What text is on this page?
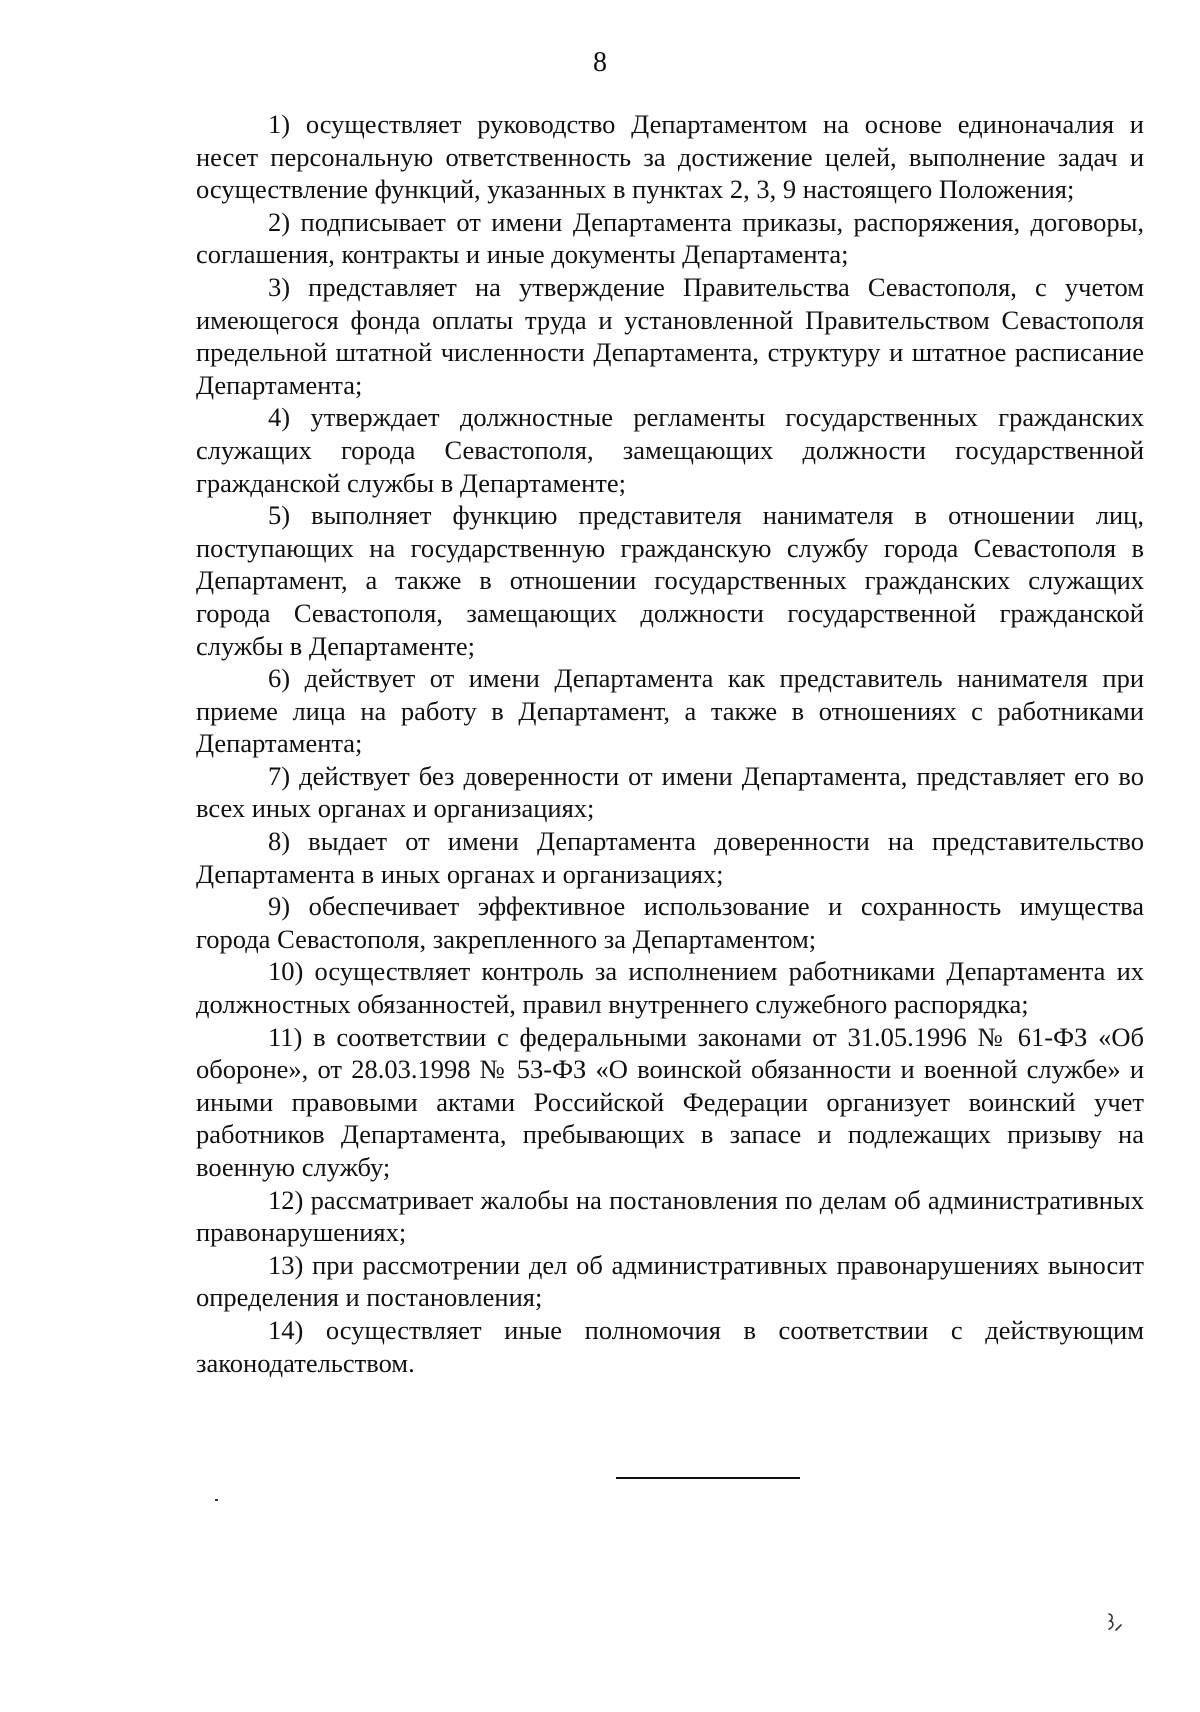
8

1) осуществляет руководство Департаментом на основе единоначалия и несет персональную ответственность за достижение целей, выполнение задач и осуществление функций, указанных в пунктах 2, 3, 9 настоящего Положения;

2) подписывает от имени Департамента приказы, распоряжения, договоры, соглашения, контракты и иные документы Департамента;

3) представляет на утверждение Правительства Севастополя, с учетом имеющегося фонда оплаты труда и установленной Правительством Севастополя предельной штатной численности Департамента, структуру и штатное расписание Департамента;

4) утверждает должностные регламенты государственных гражданских служащих города Севастополя, замещающих должности государственной гражданской службы в Департаменте;

5) выполняет функцию представителя нанимателя в отношении лиц, поступающих на государственную гражданскую службу города Севастополя в Департамент, а также в отношении государственных гражданских служащих города Севастополя, замещающих должности государственной гражданской службы в Департаменте;

6) действует от имени Департамента как представитель нанимателя при приеме лица на работу в Департамент, а также в отношениях с работниками Департамента;

7) действует без доверенности от имени Департамента, представляет его во всех иных органах и организациях;

8) выдает от имени Департамента доверенности на представительство Департамента в иных органах и организациях;

9) обеспечивает эффективное использование и сохранность имущества города Севастополя, закрепленного за Департаментом;

10) осуществляет контроль за исполнением работниками Департамента их должностных обязанностей, правил внутреннего служебного распорядка;

11) в соответствии с федеральными законами от 31.05.1996 № 61-ФЗ «Об обороне», от 28.03.1998 № 53-ФЗ «О воинской обязанности и военной службе» и иными правовыми актами Российской Федерации организует воинский учет работников Департамента, пребывающих в запасе и подлежащих призыву на военную службу;

12) рассматривает жалобы на постановления по делам об административных правонарушениях;

13) при рассмотрении дел об административных правонарушениях выносит определения и постановления;

14) осуществляет иные полномочия в соответствии с действующим законодательством.
